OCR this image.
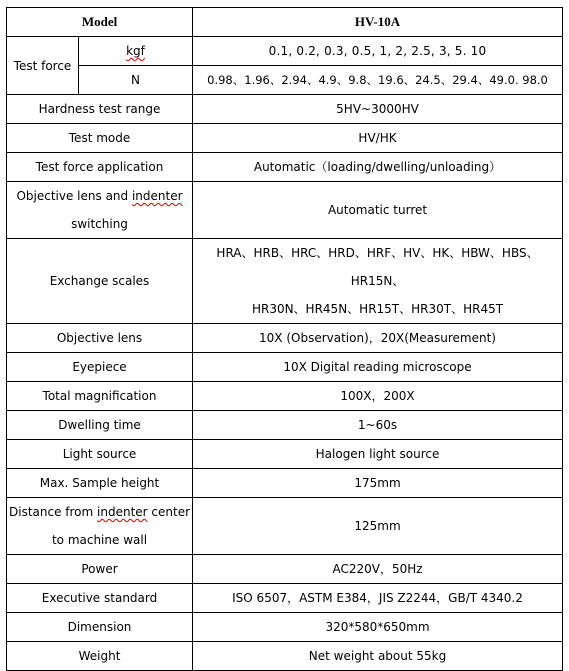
Model		HV-10A
Test force	kgf	0.1, 0.2, 0.3, 0.5, 1, 2, 2.5, 3, 5. 10
	N	0.98、1.96、2.94、4.9、9.8、19.6、24.5、29.4、49.0. 98.0
Hardness test range		5HV~3000HV
Test mode		HV/HK
Test force application		Automatic（loading/dwelling/unloading）
Objective lens and indenter
switching		Automatic turret
Exchange scales		HRA、HRB、HRC、HRD、HRF、HV、HK、HBW、HBS、HR15N、
HR30N、HR45N、HR15T、HR30T、HR45T
Objective lens		10X (Observation)，20X(Measurement)
Eyepiece		10X Digital reading microscope
Total magnification		100X，200X
Dwelling time		1~60s
Light source		Halogen light source
Max. Sample height		175mm
Distance from indenter center
to machine wall		125mm
Power		AC220V，50Hz
Executive standard		ISO 6507，ASTM E384，JIS Z2244，GB/T 4340.2
Dimension		320*580*650mm
Weight		Net weight about 55kg
